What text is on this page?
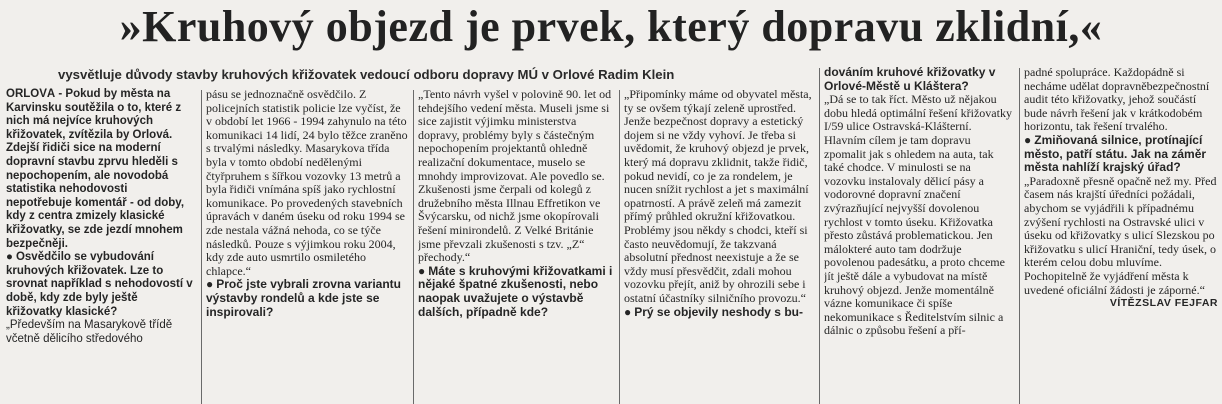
»Kruhový objezd je prvek, který dopravu zklidní,«
vysvětluje důvody stavby kruhových křižovatek vedoucí odboru dopravy MÚ v Orlové Radim Klein

ORLOVÁ - Pokud by města na Karvinsku soutěžila o to, které z nich má nejvíce kruhových křižovatek, zvítězila by Orlová. Zdejší řidiči sice na moderní dopravní stavbu zprvu hleděli s nepochopením, ale novodobá statistika nehodovosti nepotřebuje komentář - od doby, kdy z centra zmizely klasické křižovatky, se zde jezdí mnohem bezpečněji.

● Osvědčilo se vybudování kruhových křižovatek. Lze to srovnat například s nehodovostí v době, kdy zde byly ještě křižovatky klasické?

„Především na Masarykově třídě včetně dělicího středového

pásu se jednoznačně osvědčilo. Z policejních statistik policie lze vyčíst, že v období let 1966 - 1994 zahynulo na této komunikaci 14 lidí, 24 bylo těžce zraněno s trvalými následky. Masarykova třída byla v tomto období nedělenými čtyřpruhem s šířkou vozovky 13 metrů a byla řidiči vnímána spíš jako rychlostní komunikace. Po provedených stavebních úpravách v daném úseku od roku 1994 se zde nestala vážná nehoda, co se týče následků. Pouze s výjimkou roku 2004, kdy zde auto usmrtilo osmiletého chlapce.“

● Proč jste vybrali zrovna variantu výstavby rondelů a kde jste se inspirovali?

„Tento návrh vyšel v polovině 90. let od tehdejšího vedení města. Museli jsme si sice zajistit výjimku ministerstva dopravy, problémy byly s částečným nepochopením projektantů ohledně realizační dokumentace, muselo se mnohdy improvizovat. Ale povedlo se. Zkušenosti jsme čerpali od kolegů z družebního města Illnau Effretikon ve Švýcarsku, od nichž jsme okopírovali řešení minirondelů. Z Velké Británie jsme převzali zkušenosti s tzv. „Z“ přechody.“

● Máte s kruhovými křižovatkami i nějaké špatné zkušenosti, nebo naopak uvažujete o výstavbě dalších, případně kde?

„Připomínky máme od obyvatel města, ty se ovšem týkají zeleně uprostřed. Jenže bezpečnost dopravy a estetický dojem si ne vždy vyhoví. Je třeba si uvědomit, že kruhový objezd je prvek, který má dopravu zklidnit, takže řidič, pokud nevidí, co je za rondelem, je nucen snížit rychlost a jet s maximální opatrností. A právě zeleň má zamezit přímý průhled okružní křižovatkou. Problémy jsou někdy s chodci, kteří si často neuvědomují, že takzvaná absolutní přednost neexistuje a že se vždy musí přesvědčit, zdali mohou vozovku přejít, aniž by ohrozili sebe i ostatní účastníky silničního provozu.“

● Prý se objevily neshody s bu-

dováním kruhové křižovatky v Orlové-Městě u Kláštera?

„Dá se to tak říct. Město už nějakou dobu hledá optimální řešení křižovatky I/59 ulice Ostravská-Klášterní. Hlavním cílem je tam dopravu zpomalit jak s ohledem na auta, tak také chodce. V minulosti se na vozovku instalovaly dělicí pásy a vodorovné dopravní značení zvýrazňující nejvyšší dovolenou rychlost v tomto úseku. Křižovatka přesto zůstává problematickou. Jen málokteré auto tam dodržuje povolenou padesátku, a proto chceme jít ještě dále a vybudovat na místě kruhový objezd. Jenže momentálně vázne komunikace či spíše nekomunikace s Ředitelstvím silnic a dálnic o způsobu řešení a pří-

padné spolupráce. Každopádně si necháme udělat dopravněbezpečnostní audit této křižovatky, jehož součástí bude návrh řešení jak v krátkodobém horizontu, tak řešení trvalého.

● Zmiňovaná silnice, protínající město, patří státu. Jak na záměr města nahlíží krajský úřad?

„Paradoxně přesně opačně než my. Před časem nás krajští úředníci požádali, abychom se vyjádřili k případnému zvýšení rychlosti na Ostravské ulici v úseku od křižovatky s ulicí Slezskou po křižovatku s ulicí Hraniční, tedy úsek, o kterém celou dobu mluvíme. Pochopitelně že vyjádření města k uvedené oficiální žádosti je záporné.“

VÍTĚZSLAV FEJFAR
